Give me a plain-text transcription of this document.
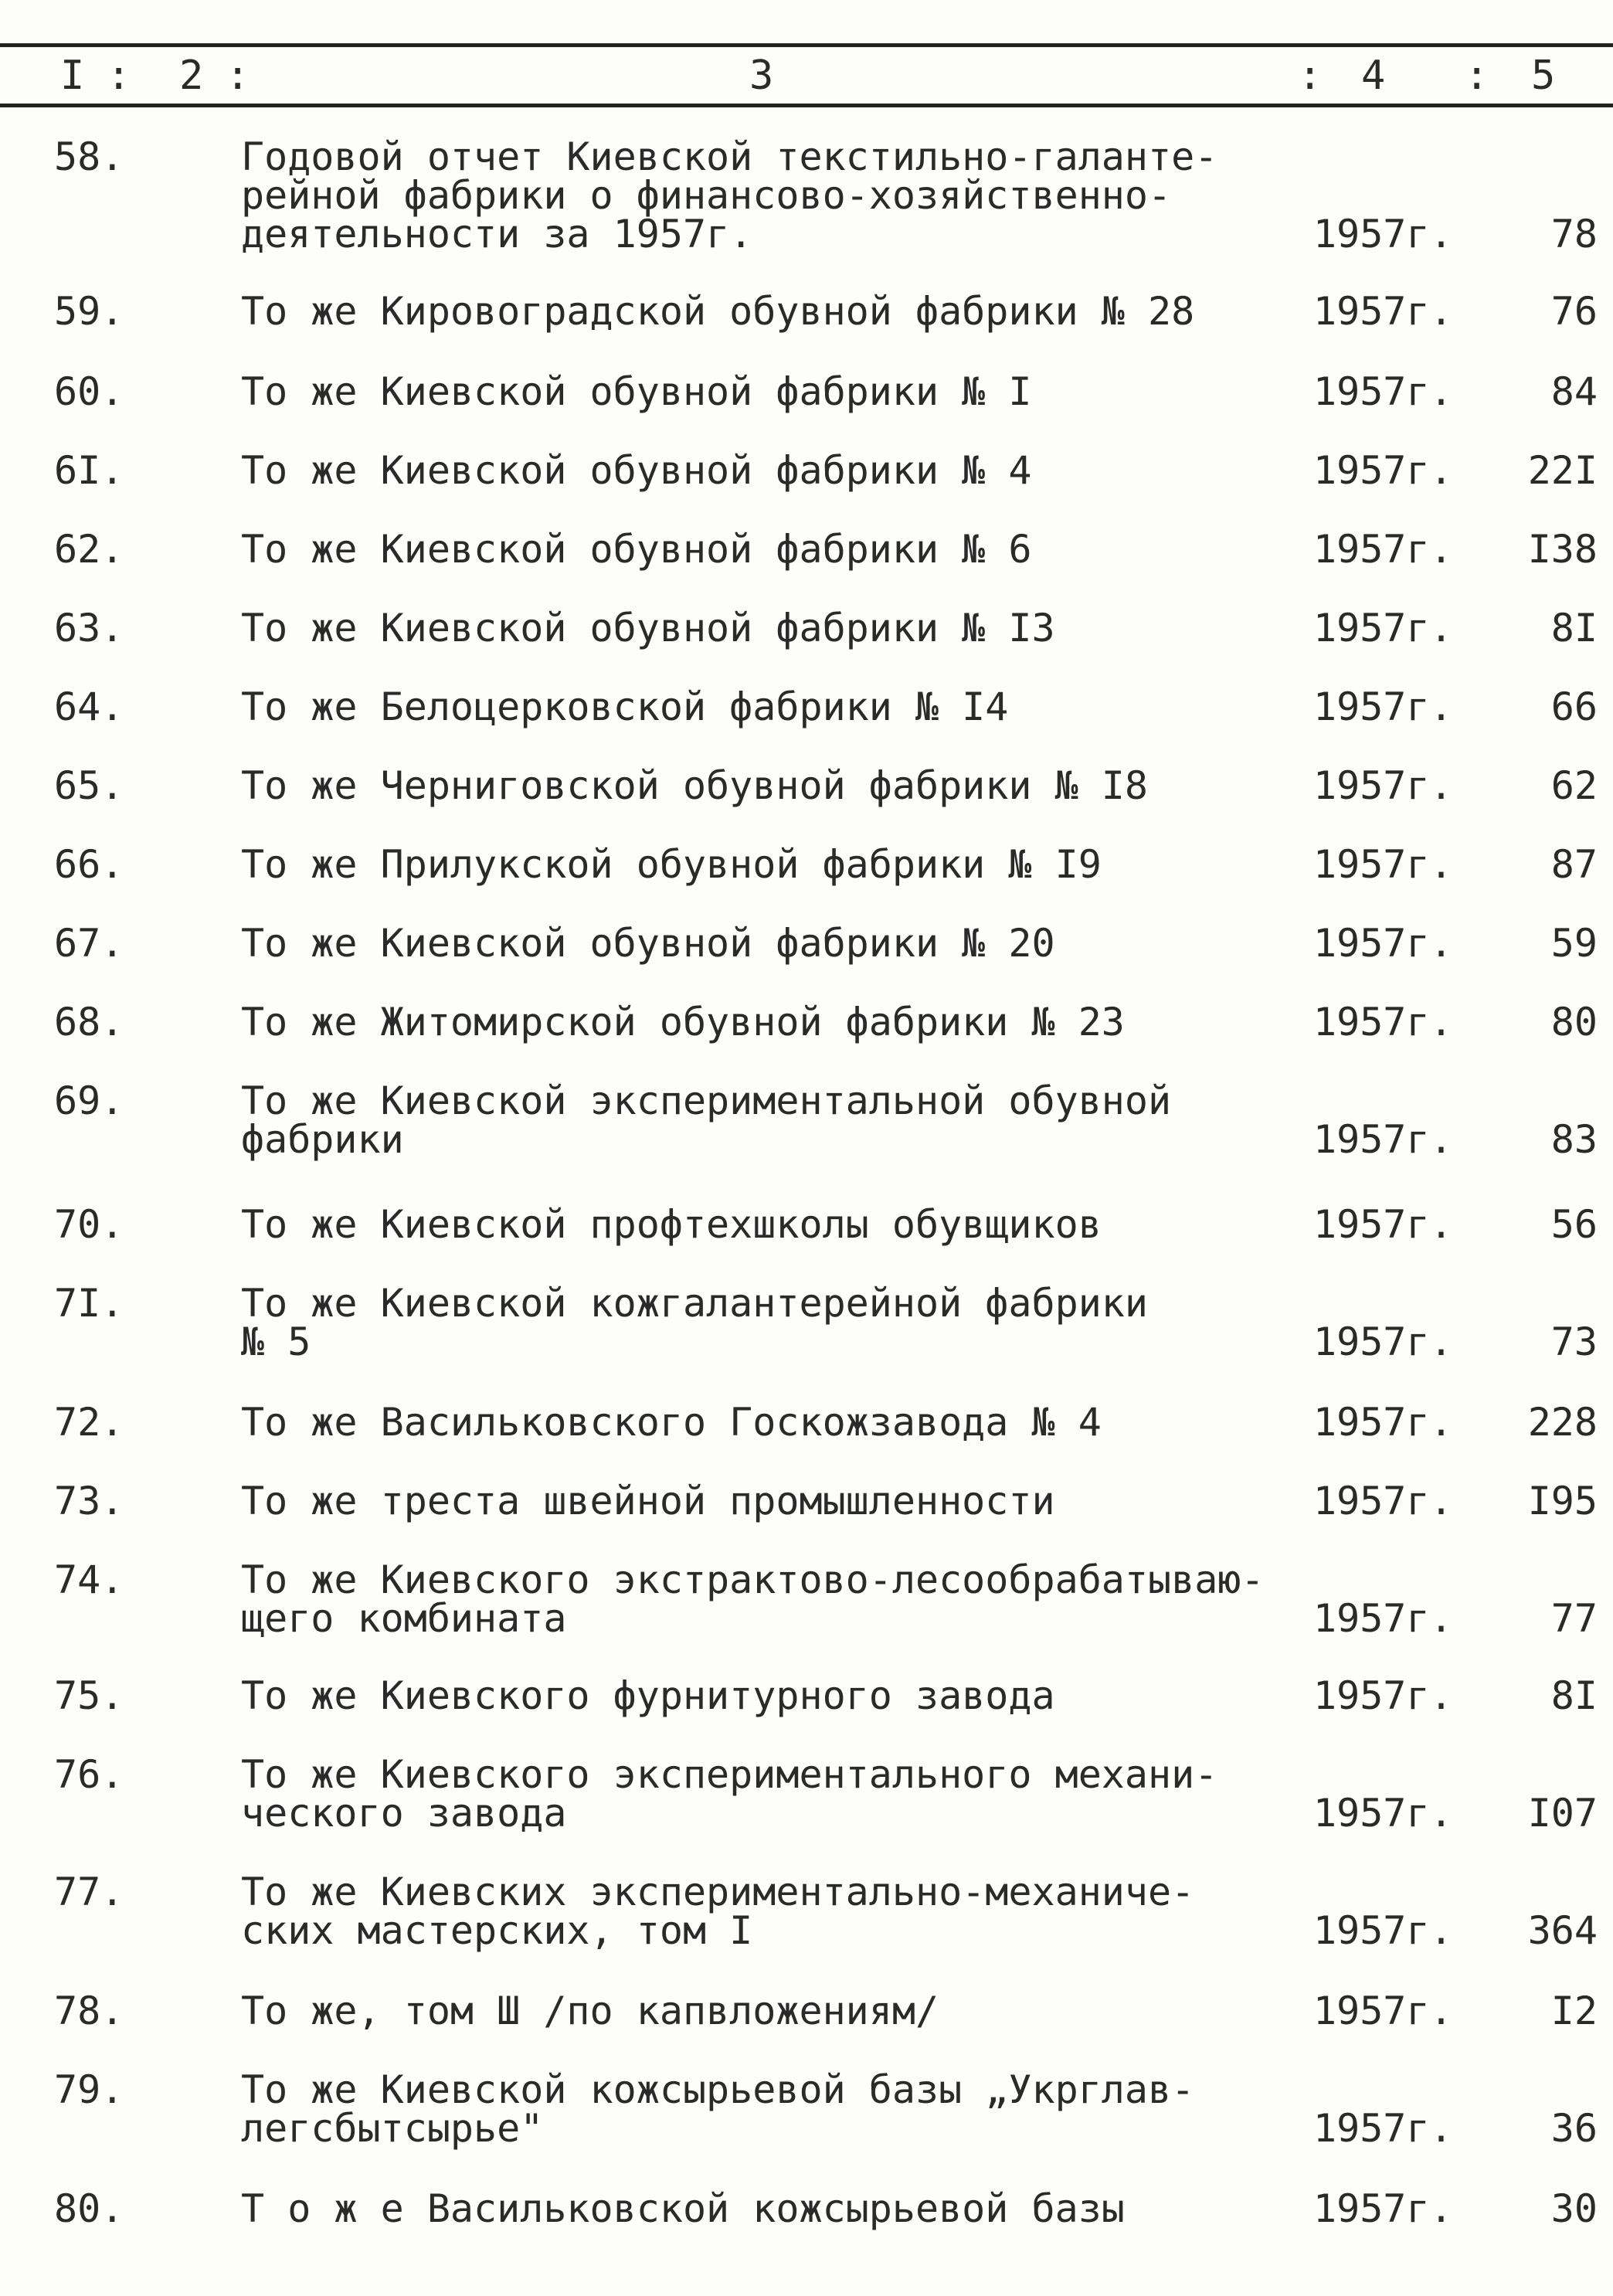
I : 2 :	3	: 4 : 5
58.	Годовой отчет Киевской текстильно-галанте-
рейной фабрики о финансово-хозяйственно-
деятельности за 1957г.	1957г.	78
59.	То же Кировоградской обувной фабрики № 28	1957г.	76
60.	То же Киевской обувной фабрики № I	1957г.	84
6I.	То же Киевской обувной фабрики № 4	1957г. 22I
62.	То же Киевской обувной фабрики № 6	1957г. I38
63.	То же Киевской обувной фабрики № I3	1957г.	8I
64.	То же Белоцерковской фабрики № I4	1957г.	66
65.	То же Черниговской обувной фабрики № I8	1957г.	62
66.	То же Прилукской обувной фабрики № I9	1957г.	87
67.	То же Киевской обувной фабрики № 20	1957г.	59
68.	То же Житомирской обувной фабрики № 23	1957г.	80
69.	То же Киевской экспериментальной обувной
фабрики	1957г.	83
70.	То же Киевской профтехшколы обувщиков	1957г.	56
7I.	То же Киевской кожгалантерейной фабрики
№ 5	1957г.	73
72.	То же Васильковского Госкожзавода № 4	1957г. 228
73.	То же треста швейной промышленности	1957г. I95
74.	То же Киевского экстрактово-лесообрабатываю-
щего комбината	1957г.	77
75.	То же Киевского фурнитурного завода	1957г.	8I
76.	То же Киевского экспериментального механи-
ческого завода	1957г. I07
77.	То же Киевских экспериментально-механиче-
ских мастерских, том I	1957г. 364
78.	То же, том Ш /по капвложениям/	1957г.	I2
79.	То же Киевской кожсырьевой базы „Укрглав-
легсбытсырье"	1957г.	36
80.	Т о ж е Васильковской кожсырьевой базы	1957г.	30
